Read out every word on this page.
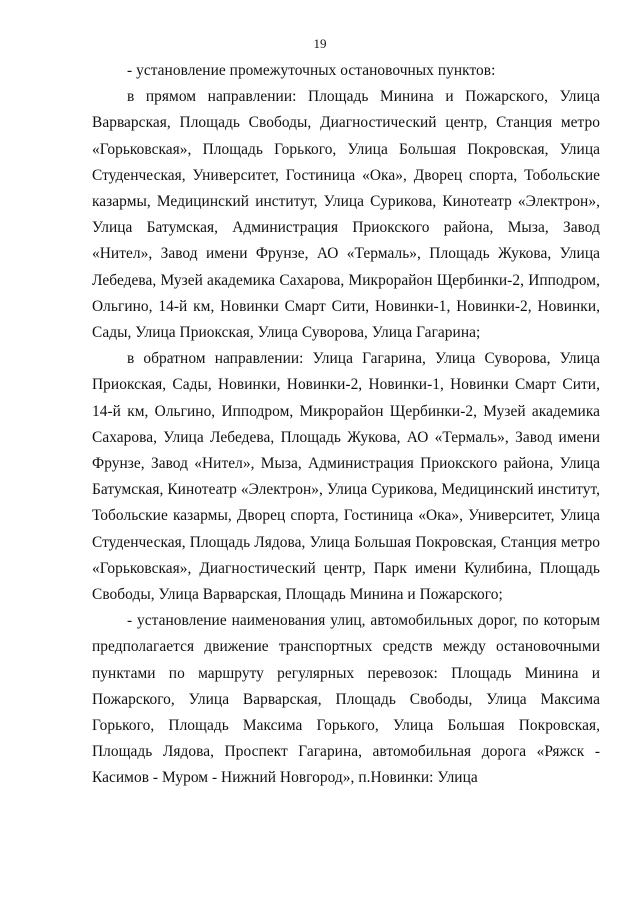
19

- установление промежуточных остановочных пунктов:

в прямом направлении: Площадь Минина и Пожарского, Улица Варварская, Площадь Свободы, Диагностический центр, Станция метро «Горьковская», Площадь Горького, Улица Большая Покровская, Улица Студенческая, Университет, Гостиница «Ока», Дворец спорта, Тобольские казармы, Медицинский институт, Улица Сурикова, Кинотеатр «Электрон», Улица Батумская, Администрация Приокского района, Мыза, Завод «Нител», Завод имени Фрунзе, АО «Термаль», Площадь Жукова, Улица Лебедева, Музей академика Сахарова, Микрорайон Щербинки-2, Ипподром, Ольгино, 14-й км, Новинки Смарт Сити, Новинки-1, Новинки-2, Новинки, Сады, Улица Приокская, Улица Суворова, Улица Гагарина;

в обратном направлении: Улица Гагарина, Улица Суворова, Улица Приокская, Сады, Новинки, Новинки-2, Новинки-1, Новинки Смарт Сити, 14-й км, Ольгино, Ипподром, Микрорайон Щербинки-2, Музей академика Сахарова, Улица Лебедева, Площадь Жукова, АО «Термаль», Завод имени Фрунзе, Завод «Нител», Мыза, Администрация Приокского района, Улица Батумская, Кинотеатр «Электрон», Улица Сурикова, Медицинский институт, Тобольские казармы, Дворец спорта, Гостиница «Ока», Университет, Улица Студенческая, Площадь Лядова, Улица Большая Покровская, Станция метро «Горьковская», Диагностический центр, Парк имени Кулибина, Площадь Свободы, Улица Варварская, Площадь Минина и Пожарского;

- установление наименования улиц, автомобильных дорог, по которым предполагается движение транспортных средств между остановочными пунктами по маршруту регулярных перевозок: Площадь Минина и Пожарского, Улица Варварская, Площадь Свободы, Улица Максима Горького, Площадь Максима Горького, Улица Большая Покровская, Площадь Лядова, Проспект Гагарина, автомобильная дорога «Ряжск - Касимов - Муром - Нижний Новгород», п.Новинки: Улица
